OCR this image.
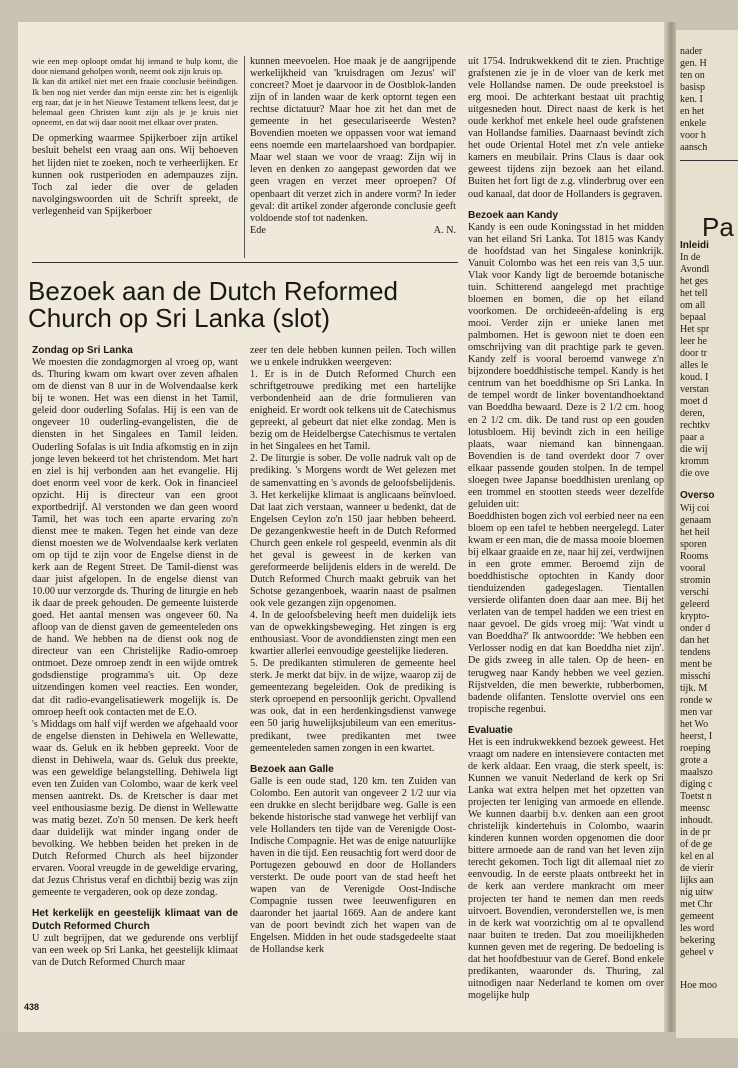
wie een mep oploopt omdat hij iemand te hulp komt, die door niemand geholpen wordt, neemt ook zijn kruis op.

Ik kan dit artikel niet met een fraaie conclusie beëindigen. Ik ben nog niet verder dan mijn eerste zin: het is eigenlijk erg raar, dat je in het Nieuwe Testament telkens leest, dat je helemaal geen Christen kunt zijn als je je kruis niet opneemt, en dat wij daar nooit met elkaar over praten.

De opmerking waarmee Spijkerboer zijn artikel besluit behelst een vraag aan ons. Wij behoeven het lijden niet te zoeken, noch te verheerlijken. Er kunnen ook rustperioden en adempauzes zijn. Toch zal ieder die over de geladen navolgingswoorden uit de Schrift spreekt, de verlegenheid van Spijkerboer

kunnen meevoelen. Hoe maak je de aangrijpende werkelijkheid van 'kruisdragen om Jezus' wil' concreet? Moet je daarvoor in de Oostblok-landen zijn of in landen waar de kerk optornt tegen een rechtse dictatuur? Maar hoe zit het dan met de gemeente in het geseculariseerde Westen? Bovendien moeten we oppassen voor wat iemand eens noemde een martelaarshoed van bordpapier. Maar wel staan we voor de vraag: Zijn wij in leven en denken zo aangepast geworden dat we geen vragen en verzet meer oproepen? Of openbaart dit verzet zich in andere vorm? In ieder geval: dit artikel zonder afgeronde conclusie geeft voldoende stof tot nadenken.

Ede	A. N.
Bezoek aan de Dutch Reformed Church op Sri Lanka (slot)

Zondag op Sri Lanka

We moesten die zondagmorgen al vroeg op, want ds. Thuring kwam om kwart over zeven afhalen om de dienst van 8 uur in de Wolvendaalse kerk bij te wonen. Het was een dienst in het Tamil, geleid door ouderling Sofalas. Hij is een van de ongeveer 10 ouderling-evangelisten, die de diensten in het Singalees en Tamil leiden. Ouderling Sofalas is uit India afkomstig en in zijn jonge leven bekeerd tot het christendom. Met hart en ziel is hij verbonden aan het evangelie. Hij doet enorm veel voor de kerk. Ook in financieel opzicht. Hij is directeur van een groot exportbedrijf. Al verstonden we dan geen woord Tamil, het was toch een aparte ervaring zo'n dienst mee te maken. Tegen het einde van deze dienst moesten we de Wolvendaalse kerk verlaten om op tijd te zijn voor de Engelse dienst in de kerk aan de Regent Street. De Tamil-dienst was daar juist afgelopen. In de engelse dienst van 10.00 uur verzorgde ds. Thuring de liturgie en heb ik daar de preek gehouden. De gemeente luisterde goed. Het aantal mensen was ongeveer 60. Na afloop van de dienst gaven de gemeenteleden ons de hand. We hebben na de dienst ook nog de directeur van een Christelijke Radio-omroep ontmoet. Deze omroep zendt in een wijde omtrek godsdienstige programma's uit. Op deze uitzendingen komen veel reacties. Een wonder, dat dit radio-evangelisatiewerk mogelijk is. De omroep heeft ook contacten met de E.O.

's Middags om half vijf werden we afgehaald voor de engelse diensten in Dehiwela en Wellewatte, waar ds. Geluk en ik hebben gepreekt. Voor de dienst in Dehiwela, waar ds. Geluk dus preekte, was een geweldige belangstelling. Dehiwela ligt even ten Zuiden van Colombo, waar de kerk veel mensen aantrekt. Ds. de Kretscher is daar met veel enthousiasme bezig. De dienst in Wellewatte was matig bezet. Zo'n 50 mensen. De kerk heeft daar duidelijk wat minder ingang onder de bevolking. We hebben beiden het preken in de Dutch Reformed Church als heel bijzonder ervaren. Vooral vreugde in de geweldige ervaring, dat Jezus Christus veraf en dichtbij bezig was zijn gemeente te vergaderen, ook op deze zondag.

Het kerkelijk en geestelijk klimaat van de Dutch Reformed Church

U zult begrijpen, dat we gedurende ons verblijf van een week op Sri Lanka, het geestelijk klimaat van de Dutch Reformed Church maar

zeer ten dele hebben kunnen peilen. Toch willen we u enkele indrukken weergeven:

1. Er is in de Dutch Reformed Church een schriftgetrouwe prediking met een hartelijke verbondenheid aan de drie formulieren van enigheid. Er wordt ook telkens uit de Catechismus gepreekt, al gebeurt dat niet elke zondag. Men is bezig om de Heidelbergse Catechismus te vertalen in het Singalees en het Tamil.

2. De liturgie is sober. De volle nadruk valt op de prediking. 's Morgens wordt de Wet gelezen met de samenvatting en 's avonds de geloofsbelijdenis.

3. Het kerkelijke klimaat is anglicaans beïnvloed. Dat laat zich verstaan, wanneer u bedenkt, dat de Engelsen Ceylon zo'n 150 jaar hebben beheerd. De gezangenkwestie heeft in de Dutch Reformed Church geen enkele rol gespeeld, evenmin als dit het geval is geweest in de kerken van gereformeerde belijdenis elders in de wereld. De Dutch Reformed Church maakt gebruik van het Schotse gezangenboek, waarin naast de psalmen ook vele gezangen zijn opgenomen.

4. In de geloofsbeleving heeft men duidelijk iets van de opwekkingsbeweging. Het zingen is erg enthousiast. Voor de avonddiensten zingt men een kwartier allerlei eenvoudige geestelijke liederen.

5. De predikanten stimuleren de gemeente heel sterk. Je merkt dat bijv. in de wijze, waarop zij de gemeentezang begeleiden. Ook de prediking is sterk oproepend en persoonlijk gericht. Opvallend was ook, dat in een herdenkingsdienst vanwege een 50 jarig huwelijksjubileum van een emeritus-predikant, twee predikanten met twee gemeenteleden samen zongen in een kwartet.

Bezoek aan Galle

Galle is een oude stad, 120 km. ten Zuiden van Colombo. Een autorit van ongeveer 2 1/2 uur via een drukke en slecht berijdbare weg. Galle is een bekende historische stad vanwege het verblijf van vele Hollanders ten tijde van de Verenigde Oost-Indische Compagnie. Het was de enige natuurlijke haven in die tijd. Een reusachtig fort werd door de Portugezen gebouwd en door de Hollanders versterkt. De oude poort van de stad heeft het wapen van de Verenigde Oost-Indische Compagnie tussen twee leeuwenfiguren en daaronder het jaartal 1669. Aan de andere kant van de poort bevindt zich het wapen van de Engelsen. Midden in het oude stadsgedeelte staat de Hollandse kerk

uit 1754. Indrukwekkend dit te zien. Prachtige grafstenen zie je in de vloer van de kerk met vele Hollandse namen. De oude preekstoel is erg mooi. De achterkant bestaat uit prachtig uitgesneden hout. Direct naast de kerk is het oude kerkhof met enkele heel oude grafstenen van Hollandse families. Daarnaast bevindt zich het oude Oriental Hotel met z'n vele antieke kamers en meubilair. Prins Claus is daar ook geweest tijdens zijn bezoek aan het eiland. Buiten het fort ligt de z.g. vlinderbrug over een oud kanaal, dat door de Hollanders is gegraven.

Bezoek aan Kandy

Kandy is een oude Koningsstad in het midden van het eiland Sri Lanka. Tot 1815 was Kandy de hoofdstad van het Singalese koninkrijk. Vanuit Colombo was het een reis van 3,5 uur. Vlak voor Kandy ligt de beroemde botanische tuin. Schitterend aangelegd met prachtige bloemen en bomen, die op het eiland voorkomen. De orchideeën-afdeling is erg mooi. Verder zijn er unieke lanen met palmbomen. Het is gewoon niet te doen een omschrijving van dit prachtige park te geven. Kandy zelf is vooral beroemd vanwege z'n bijzondere boeddhistische tempel. Kandy is het centrum van het boeddhisme op Sri Lanka. In de tempel wordt de linker boventandhoektand van Boeddha bewaard. Deze is 2 1/2 cm. hoog en 2 1/2 cm. dik. De tand rust op een gouden lotusbloem. Hij bevindt zich in een heilige plaats, waar niemand kan binnengaan. Bovendien is de tand overdekt door 7 over elkaar passende gouden stolpen. In de tempel sloegen twee Japanse boeddhisten urenlang op een trommel en stootten steeds weer dezelfde geluiden uit:

Boeddhisten bogen zich vol eerbied neer na een bloem op een tafel te hebben neergelegd. Later kwam er een man, die de massa mooie bloemen bij elkaar graaide en ze, naar hij zei, verdwijnen in een grote emmer. Beroemd zijn de boeddhistische optochten in Kandy door tienduizenden gadegeslagen. Tientallen versierde olifanten doen daar aan mee. Bij het verlaten van de tempel hadden we een triest en naar gevoel. De gids vroeg mij: 'Wat vindt u van Boeddha?' Ik antwoordde: 'We hebben een Verlosser nodig en dat kan Boeddha niet zijn'. De gids zweeg in alle talen. Op de heen- en terugweg naar Kandy hebben we veel gezien. Rijstvelden, die men bewerkte, rubberbomen, badende olifanten. Tenslotte overviel ons een tropische regenbui.

Evaluatie

Het is een indrukwekkend bezoek geweest. Het vraagt om nadere en intensievere contacten met de kerk aldaar. Een vraag, die sterk speelt, is: Kunnen we vanuit Nederland de kerk op Sri Lanka wat extra helpen met het opzetten van projecten ter leniging van armoede en ellende. We kunnen daarbij b.v. denken aan een groot christelijk kindertehuis in Colombo, waarin kinderen kunnen worden opgenomen die door bittere armoede aan de rand van het leven zijn terecht gekomen. Toch ligt dit allemaal niet zo eenvoudig. In de eerste plaats ontbreekt het in de kerk aan verdere mankracht om meer projecten ter hand te nemen dan men reeds uitvoert. Bovendien, veronderstellen we, is men in de kerk wat voorzichtig om al te opvallend naar buiten te treden. Dat zou moeilijkheden kunnen geven met de regering. De bedoeling is dat het hoofdbestuur van de Geref. Bond enkele predikanten, waaronder ds. Thuring, zal uitnodigen naar Nederland te komen om over mogelijke hulp

438
nader
gen. H
ten on
basisp
ken. I
en het
enkele
voor h
aansch
Pa
Inleidi
In de
Avondl
het ges
het tell
om all
bepaal
Het spr
leer he
door tr
alles le
koud. I
verstan
moet d
deren,
rechtkv
paar a
die wij
kromm
die ove
Overso
Wij coi
genaam
het heil
sporen
Rooms
vooral
stromin
verschi
geleerd
krypto-
onder d
dan het
tendens
ment be
misschi
tijk. M
ronde w
men var
het Wo
heerst, I
roeping
grote a
maalszo
diging c
Toetst n
meensc
inhoudt.
in de pr
of de ge
kel en al
de vierir
lijks aan
nig uitw
met Chr
gemeent
les word
bekering
geheel v
Hoe moo
